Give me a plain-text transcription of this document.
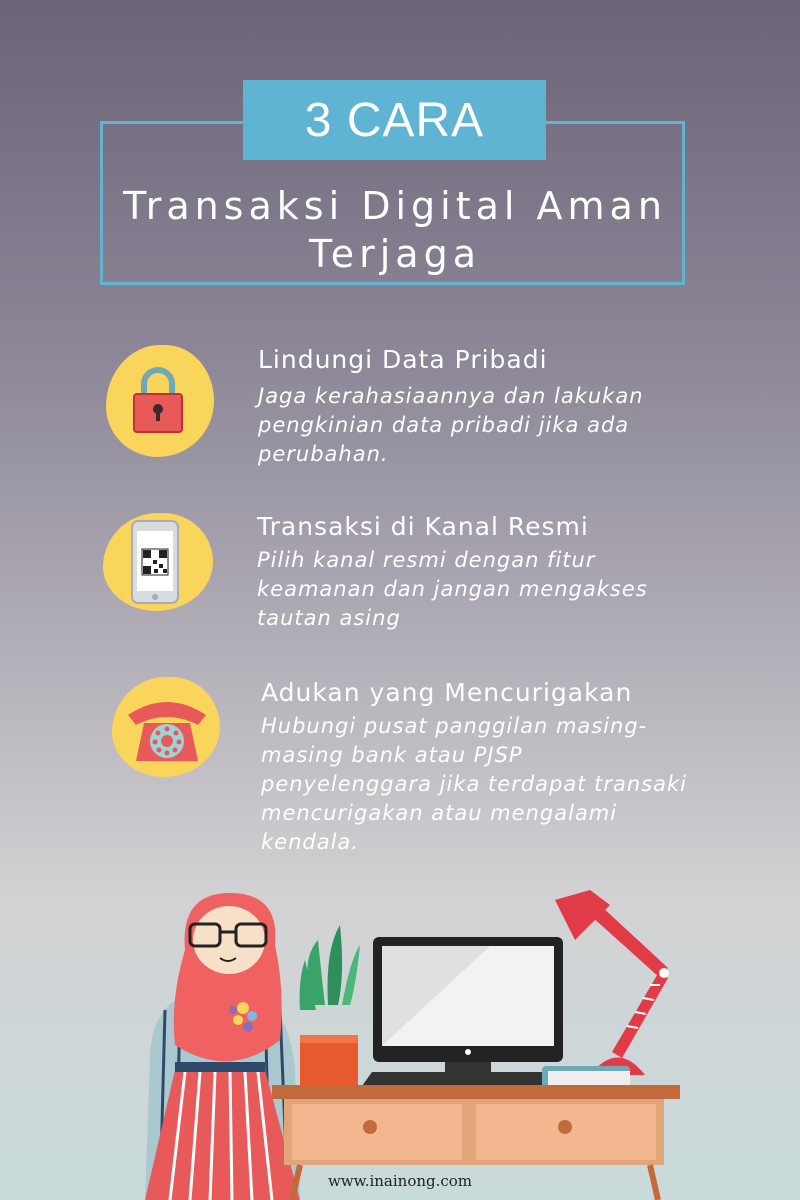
3 CARA
Transaksi Digital Aman Terjaga
Lindungi Data Pribadi
Jaga kerahasiaannya dan lakukan pengkinian data pribadi jika ada perubahan.
Transaksi di Kanal Resmi
Pilih kanal resmi dengan fitur keamanan dan jangan mengakses tautan asing
Adukan yang Mencurigakan
Hubungi pusat panggilan masing-masing bank atau PJSP penyelenggara jika terdapat transaki mencurigakan atau mengalami kendala.
www.inainong.com
